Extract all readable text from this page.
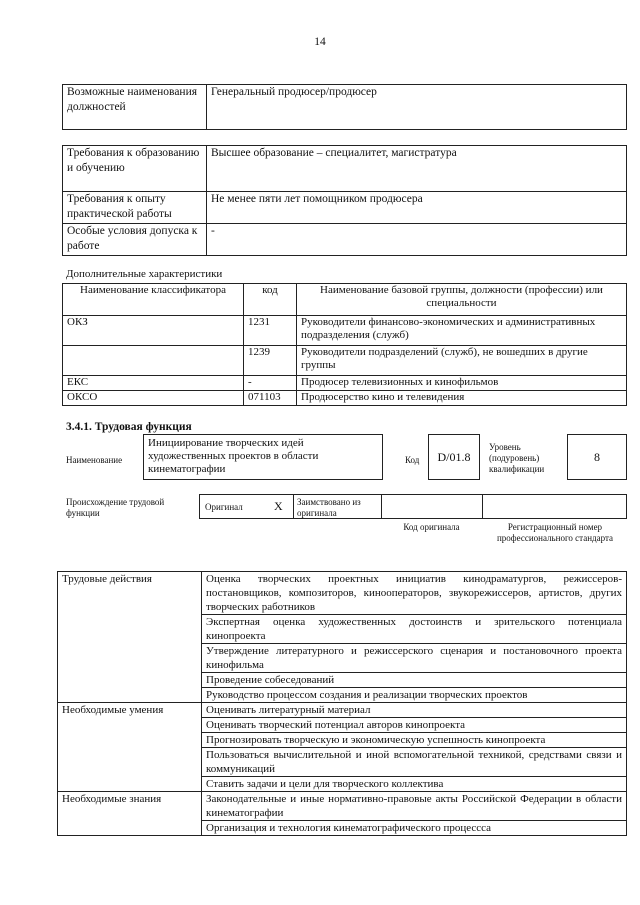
14
Возможные наименования должностей	Генеральный продюсер/продюсер
Требования к образованию и обучению	Высшее образование – специалитет, магистратура
Требования к опыту практической работы	Не менее пяти лет помощником продюсера
Особые условия допуска к работе	-
Дополнительные характеристики
Наименование классификатора	код	Наименование базовой группы, должности (профессии) или специальности
ОКЗ	1231	Руководители финансово-экономических и административных подразделения (служб)
	1239	Руководители подразделений (служб), не вошедших в другие группы
ЕКС	-	Продюсер телевизионных и кинофильмов
ОКСО	071103	Продюсерство кино и телевидения
3.4.1. Трудовая функция
Наименование
Инициирование творческих идей художественных проектов в области кинематографии
Код D/01.8
Уровень (подуровень) квалификации
8
Происхождение трудовой функции
Оригинал	X Заимствовано из оригинала
Код оригинала	Регистрационный номер профессионального стандарта
Трудовые действия	Оценка творческих проектных инициатив кинодраматургов, режиссеров-постановщиков, композиторов, кинооператоров, звукорежиссеров, артистов, других творческих работников
	Экспертная оценка художественных достоинств и зрительского потенциала кинопроекта
	Утверждение литературного и режиссерского сценария и постановочного проекта кинофильма
	Проведение собеседований
	Руководство процессом создания и реализации творческих проектов
Необходимые умения	Оценивать литературный материал
	Оценивать творческий потенциал авторов кинопроекта
	Прогнозировать творческую и экономическую успешность кинопроекта
	Пользоваться вычислительной и иной вспомогательной техникой, средствами связи и коммуникаций
	Ставить задачи и цели для творческого коллектива
Необходимые знания	Законодательные и иные нормативно-правовые акты Российской Федерации в области кинематографии
	Организация и технология кинематографического процессса
